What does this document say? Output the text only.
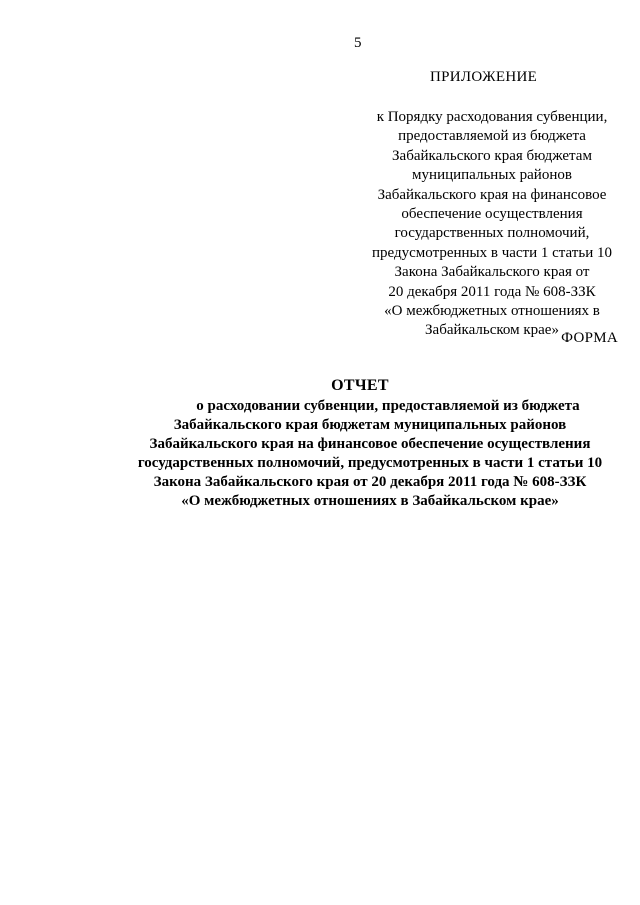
5
ПРИЛОЖЕНИЕ
к Порядку расходования субвенции,
предоставляемой из бюджета
Забайкальского края бюджетам
муниципальных районов
Забайкальского края на финансовое
обеспечение осуществления
государственных полномочий,
предусмотренных в части 1 статьи 10
Закона Забайкальского края от
20 декабря 2011 года № 608-ЗЗК
«О межбюджетных отношениях в
Забайкальском крае» ФОРМА
ОТЧЕТ
о расходовании субвенции, предоставляемой из бюджета
Забайкальского края бюджетам муниципальных районов
Забайкальского края на финансовое обеспечение осуществления
государственных полномочий, предусмотренных в части 1 статьи 10
Закона Забайкальского края от 20 декабря 2011 года № 608-ЗЗК
«О межбюджетных отношениях в Забайкальском крае»
